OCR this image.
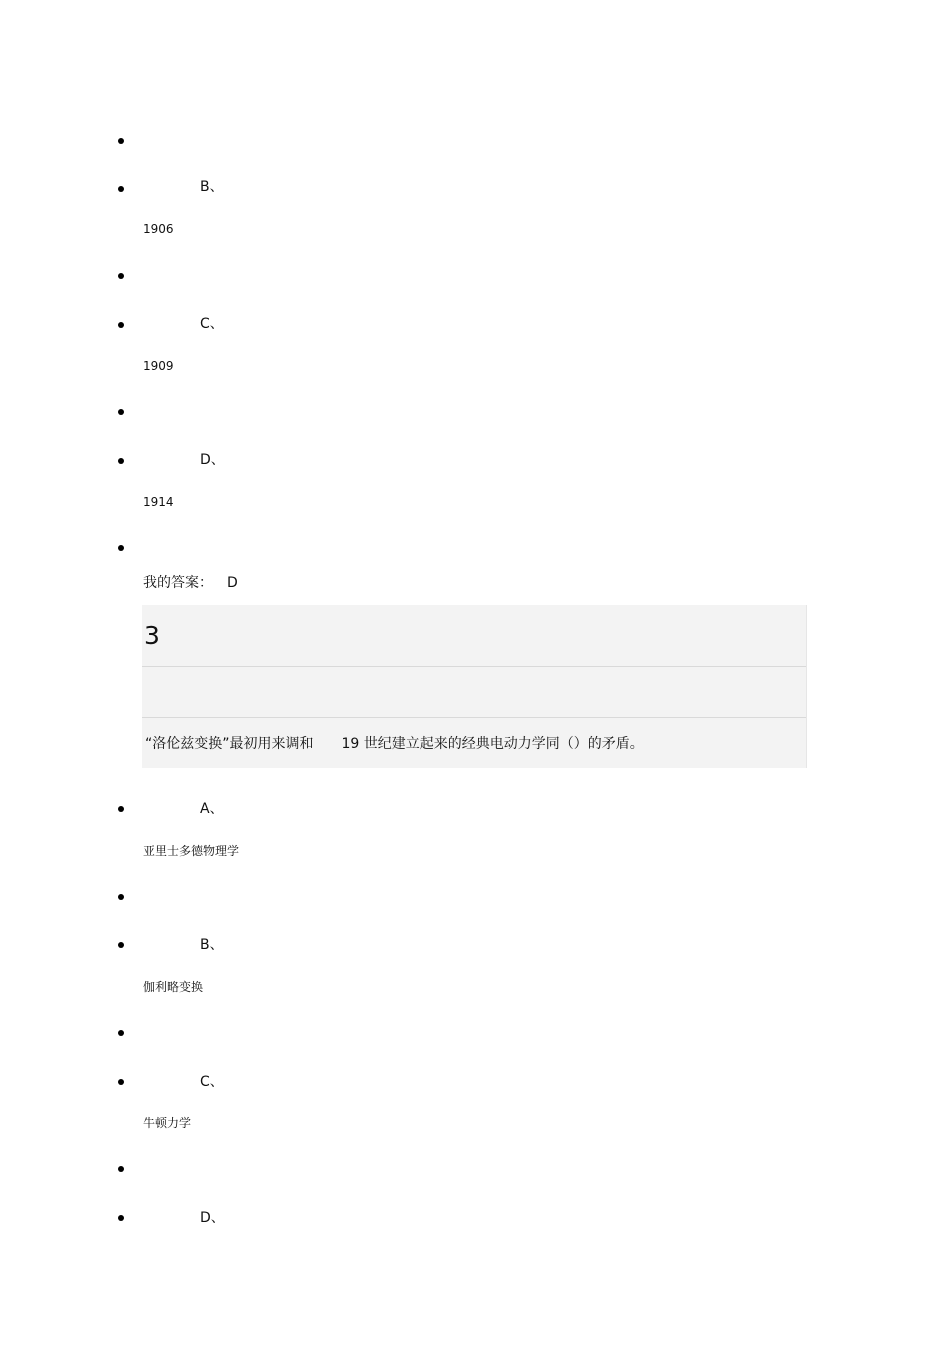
B、
1906
C、
1909
D、
1914
我的答案： D
3
“洛伦兹变换”最初用来调和　　19 世纪建立起来的经典电动力学同（）的矛盾。
A、
亚里士多德物理学
B、
伽利略变换
C、
牛顿力学
D、
